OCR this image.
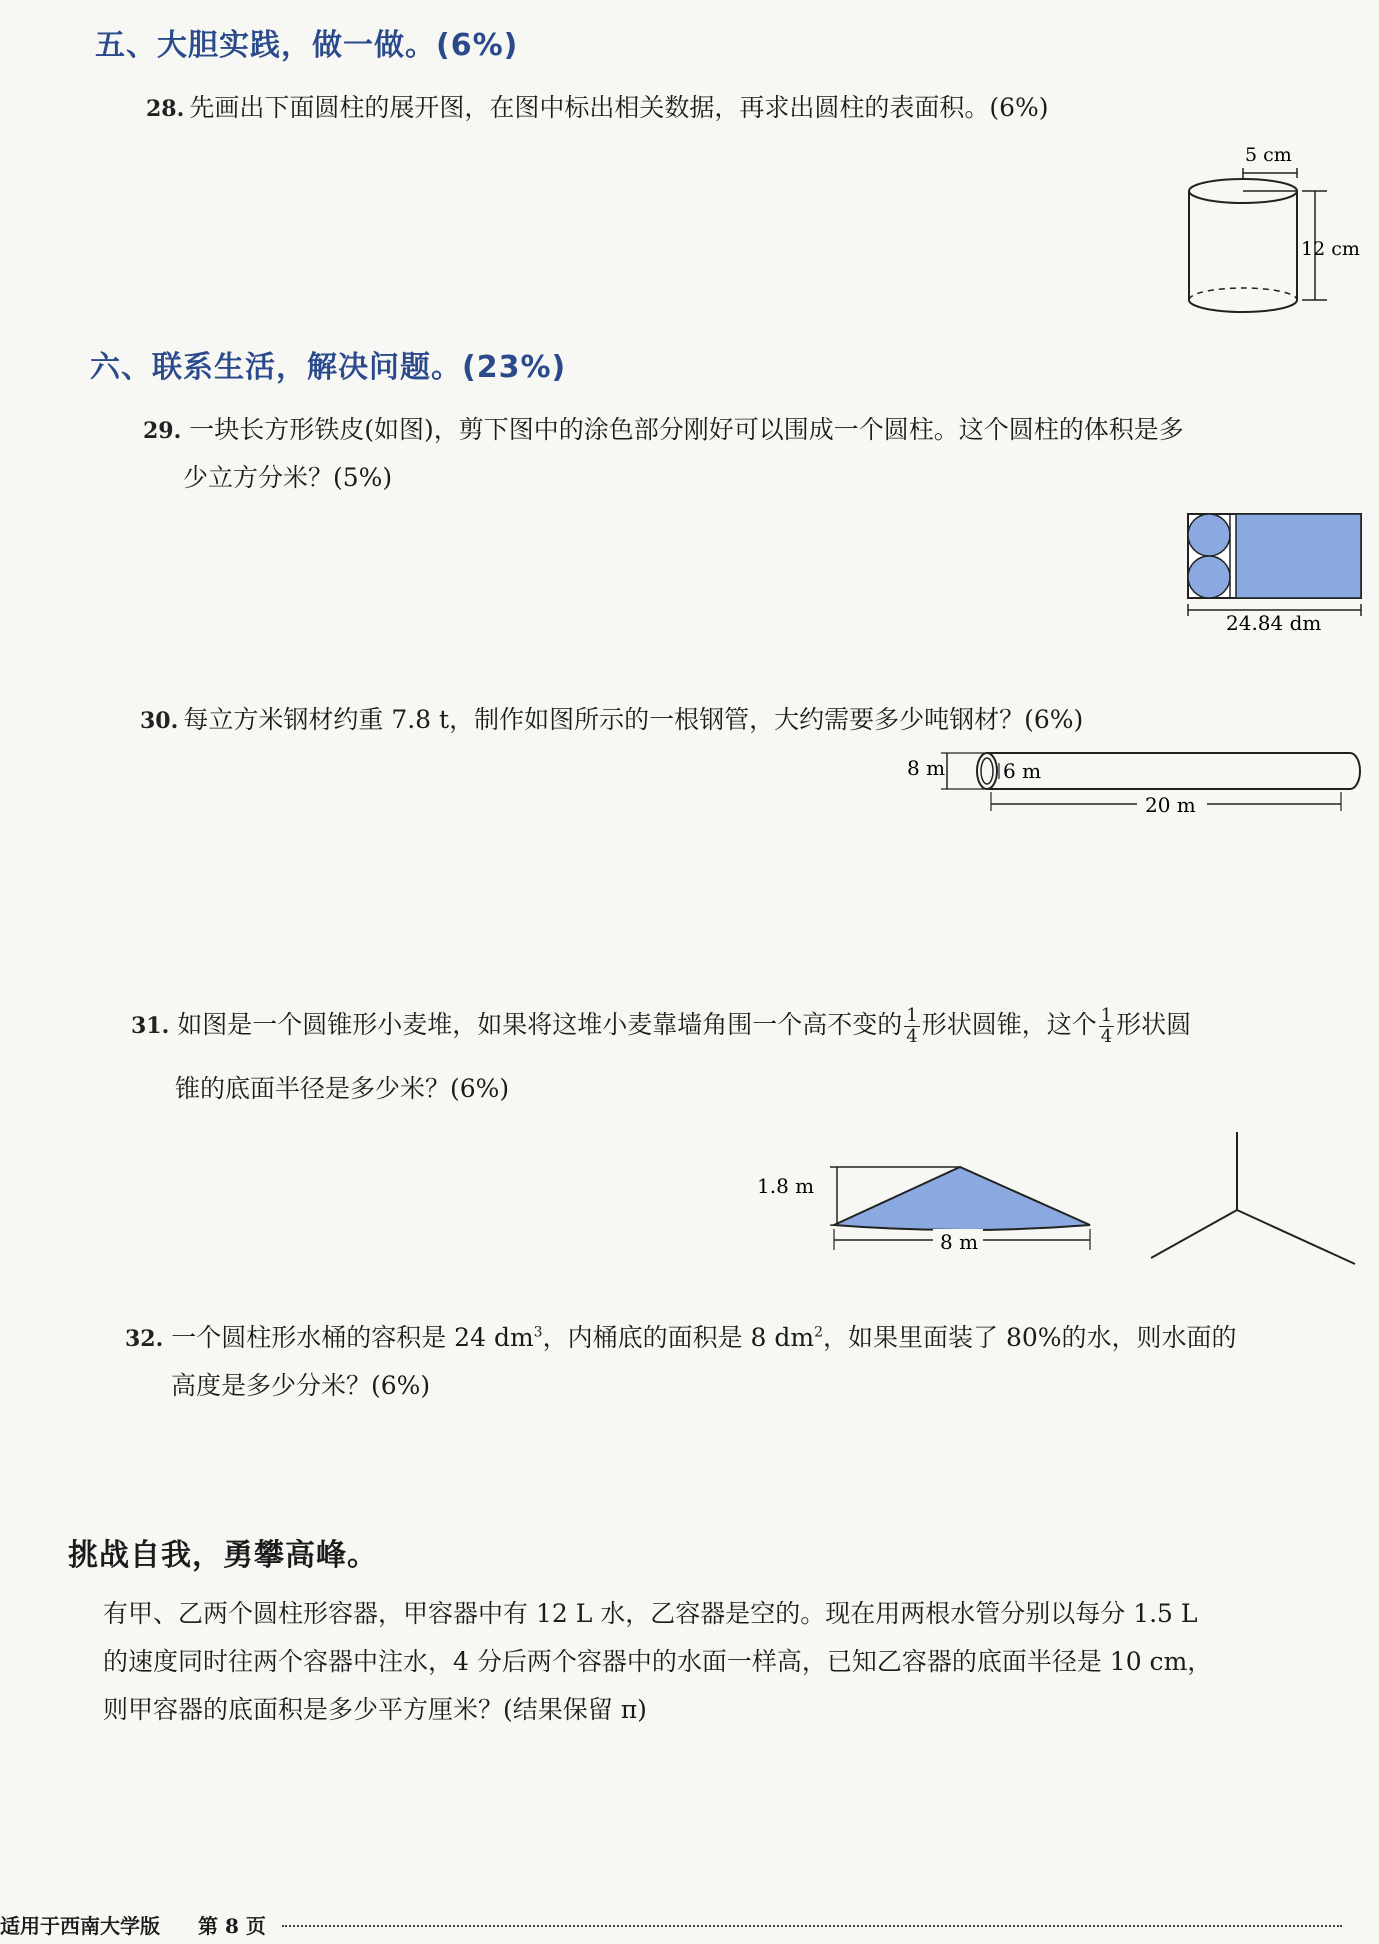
五、大胆实践，做一做。(6%)
28. 先画出下面圆柱的展开图，在图中标出相关数据，再求出圆柱的表面积。(6%)
5 cm
12 cm
六、联系生活，解决问题。(23%)
29. 一块长方形铁皮(如图)，剪下图中的涂色部分刚好可以围成一个圆柱。这个圆柱的体积是多
少立方分米？(5%)
24.84 dm
30. 每立方米钢材约重 7.8 t，制作如图所示的一根钢管，大约需要多少吨钢材？(6%)
8 m	6 m
20 m
31. 如图是一个圆锥形小麦堆，如果将这堆小麦靠墙角围一个高不变的 $\frac{1}{4}$ 形状圆锥，这个 $\frac{1}{4}$ 形状圆
锥的底面半径是多少米？(6%)
1.8 m
8 m
32. 一个圆柱形水桶的容积是 24 $dm^3$，内桶底的面积是 8 $dm^2$，如果里面装了 80%的水，则水面的
高度是多少分米？(6%)
挑战自我，勇攀高峰。
有甲、乙两个圆柱形容器，甲容器中有 12 L 水，乙容器是空的。现在用两根水管分别以每分 1.5 L
的速度同时往两个容器中注水，4 分后两个容器中的水面一样高，已知乙容器的底面半径是 10 cm，
则甲容器的底面积是多少平方厘米？(结果保留 π)
适用于西南大学版 第 8 页
